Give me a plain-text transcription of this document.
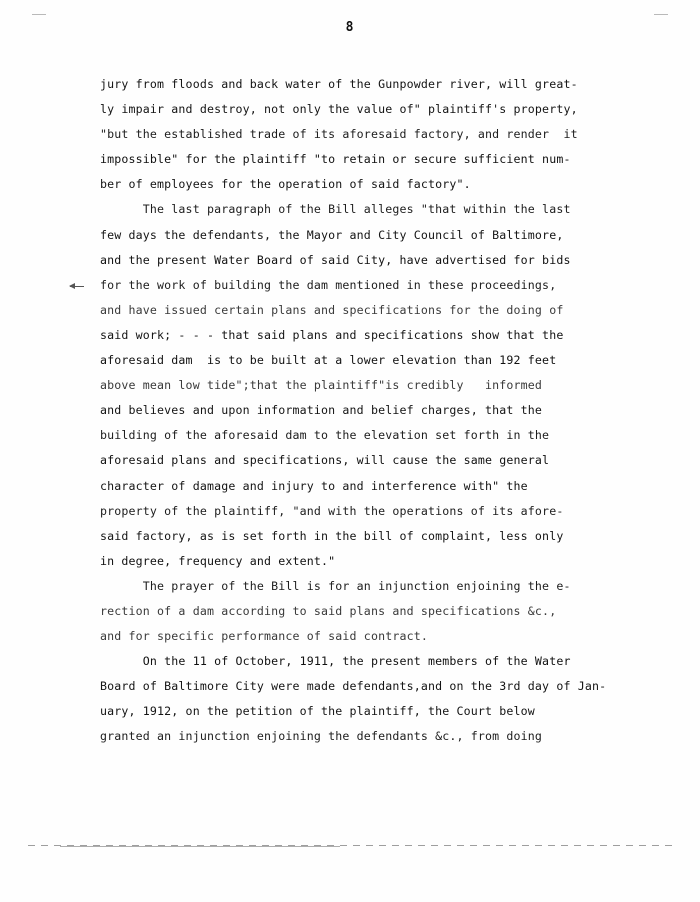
8
jury from floods and back water of the Gunpowder river, will great-
ly impair and destroy, not only the value of" plaintiff's property,
"but the established trade of its aforesaid factory, and render  it
impossible" for the plaintiff "to retain or secure sufficient num-
ber of employees for the operation of said factory".
The last paragraph of the Bill alleges "that within the last
few days the defendants, the Mayor and City Council of Baltimore,
and the present Water Board of said City, have advertised for bids
for the work of building the dam mentioned in these proceedings,
and have issued certain plans and specifications for the doing of
said work; - - - that said plans and specifications show that the
aforesaid dam  is to be built at a lower elevation than 192 feet
above mean low tide";that the plaintiff"is credibly   informed
and believes and upon information and belief charges, that the
building of the aforesaid dam to the elevation set forth in the
aforesaid plans and specifications, will cause the same general
character of damage and injury to and interference with" the
property of the plaintiff, "and with the operations of its afore-
said factory, as is set forth in the bill of complaint, less only
in degree, frequency and extent."
The prayer of the Bill is for an injunction enjoining the e-
rection of a dam according to said plans and specifications &c.,
and for specific performance of said contract.
On the 11 of October, 1911, the present members of the Water
Board of Baltimore City were made defendants,and on the 3rd day of Jan-
uary, 1912, on the petition of the plaintiff, the Court below
granted an injunction enjoining the defendants &c., from doing
